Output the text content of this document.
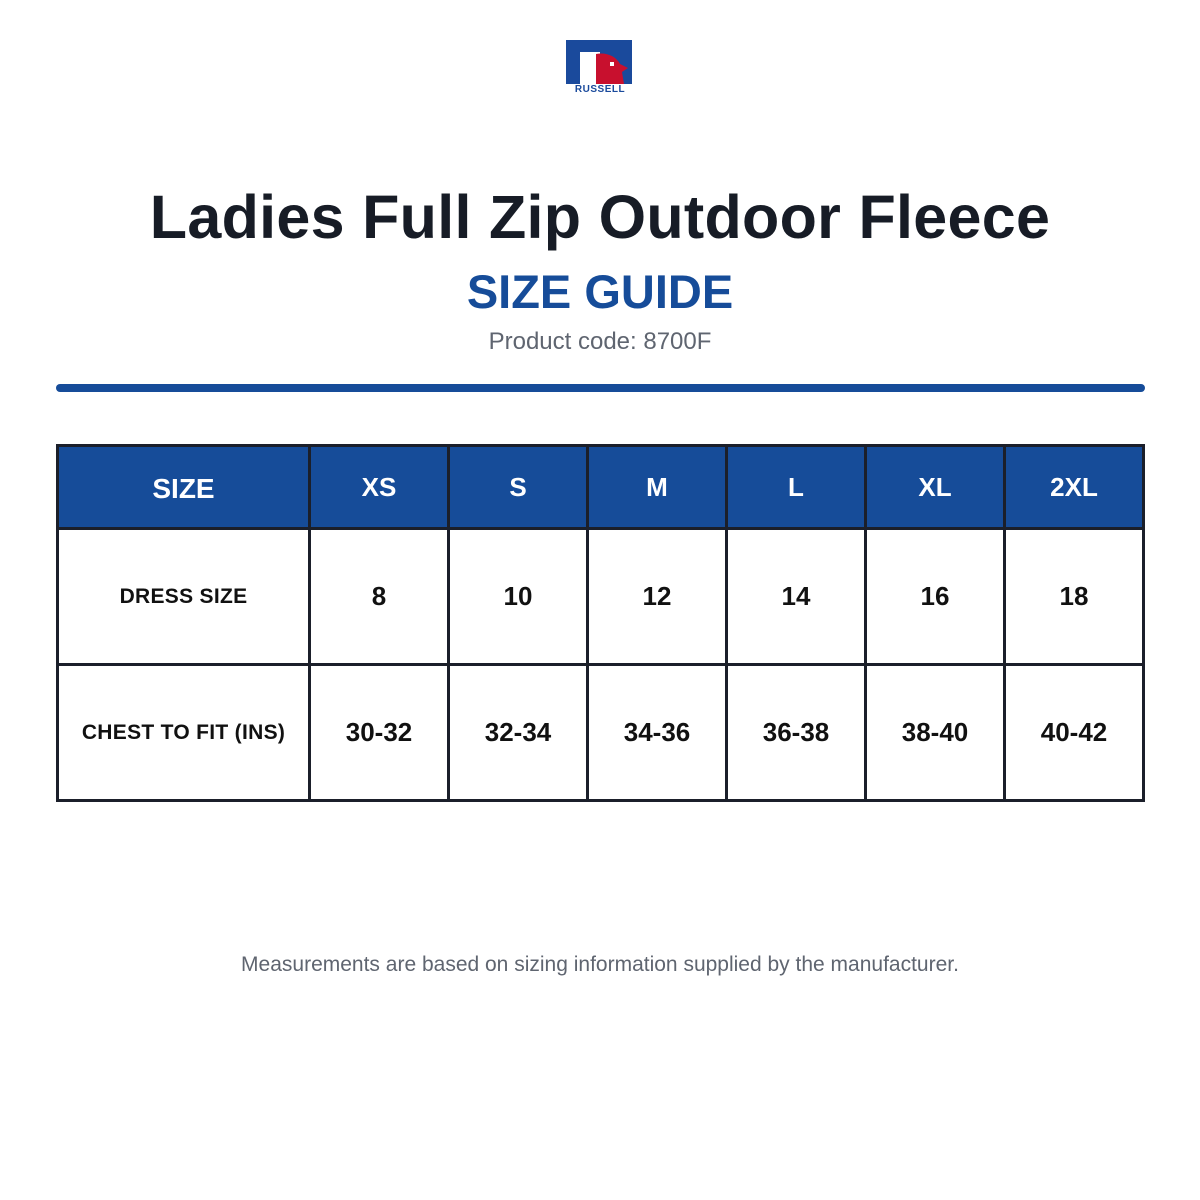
RUSSELL
Ladies Full Zip Outdoor Fleece
SIZE GUIDE
Product code: 8700F
SIZE	XS	S	M	L	XL	2XL
DRESS SIZE	8	10	12	14	16	18
CHEST TO FIT (INS)	30-32	32-34	34-36	36-38	38-40	40-42
Measurements are based on sizing information supplied by the manufacturer.
